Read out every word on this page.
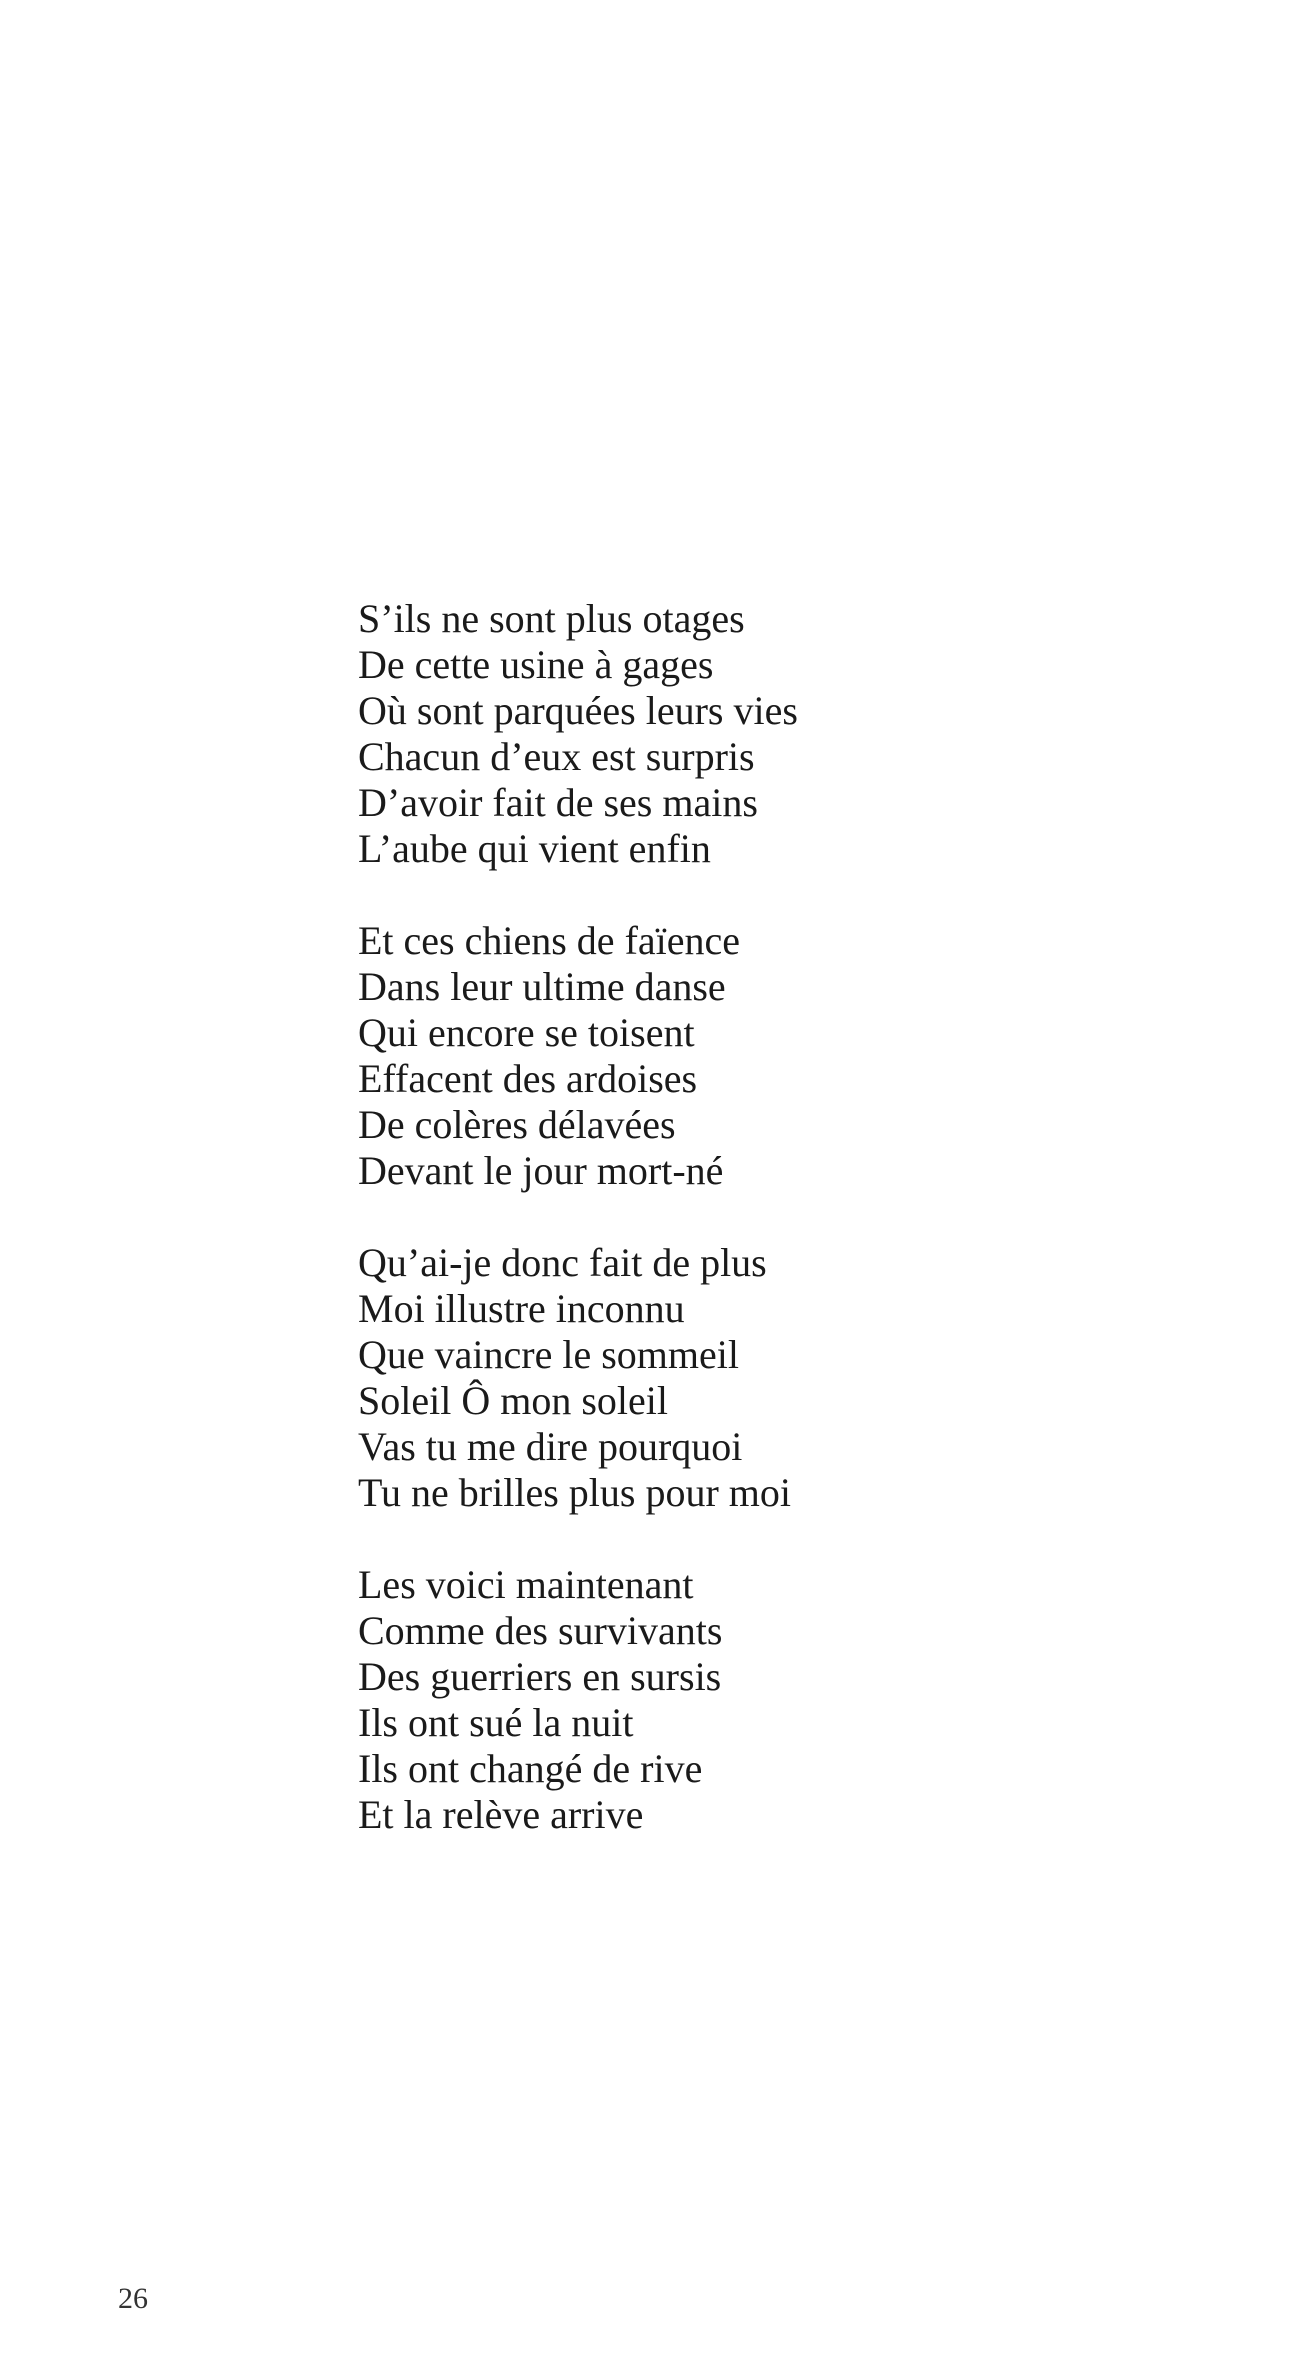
S’ils ne sont plus otages
De cette usine à gages
Où sont parquées leurs vies
Chacun d’eux est surpris
D’avoir fait de ses mains
L’aube qui vient enfin
Et ces chiens de faïence
Dans leur ultime danse
Qui encore se toisent
Effacent des ardoises
De colères délavées
Devant le jour mort-né
Qu’ai-je donc fait de plus
Moi illustre inconnu
Que vaincre le sommeil
Soleil Ô mon soleil
Vas tu me dire pourquoi
Tu ne brilles plus pour moi
Les voici maintenant
Comme des survivants
Des guerriers en sursis
Ils ont sué la nuit
Ils ont changé de rive
Et la relève arrive
26
